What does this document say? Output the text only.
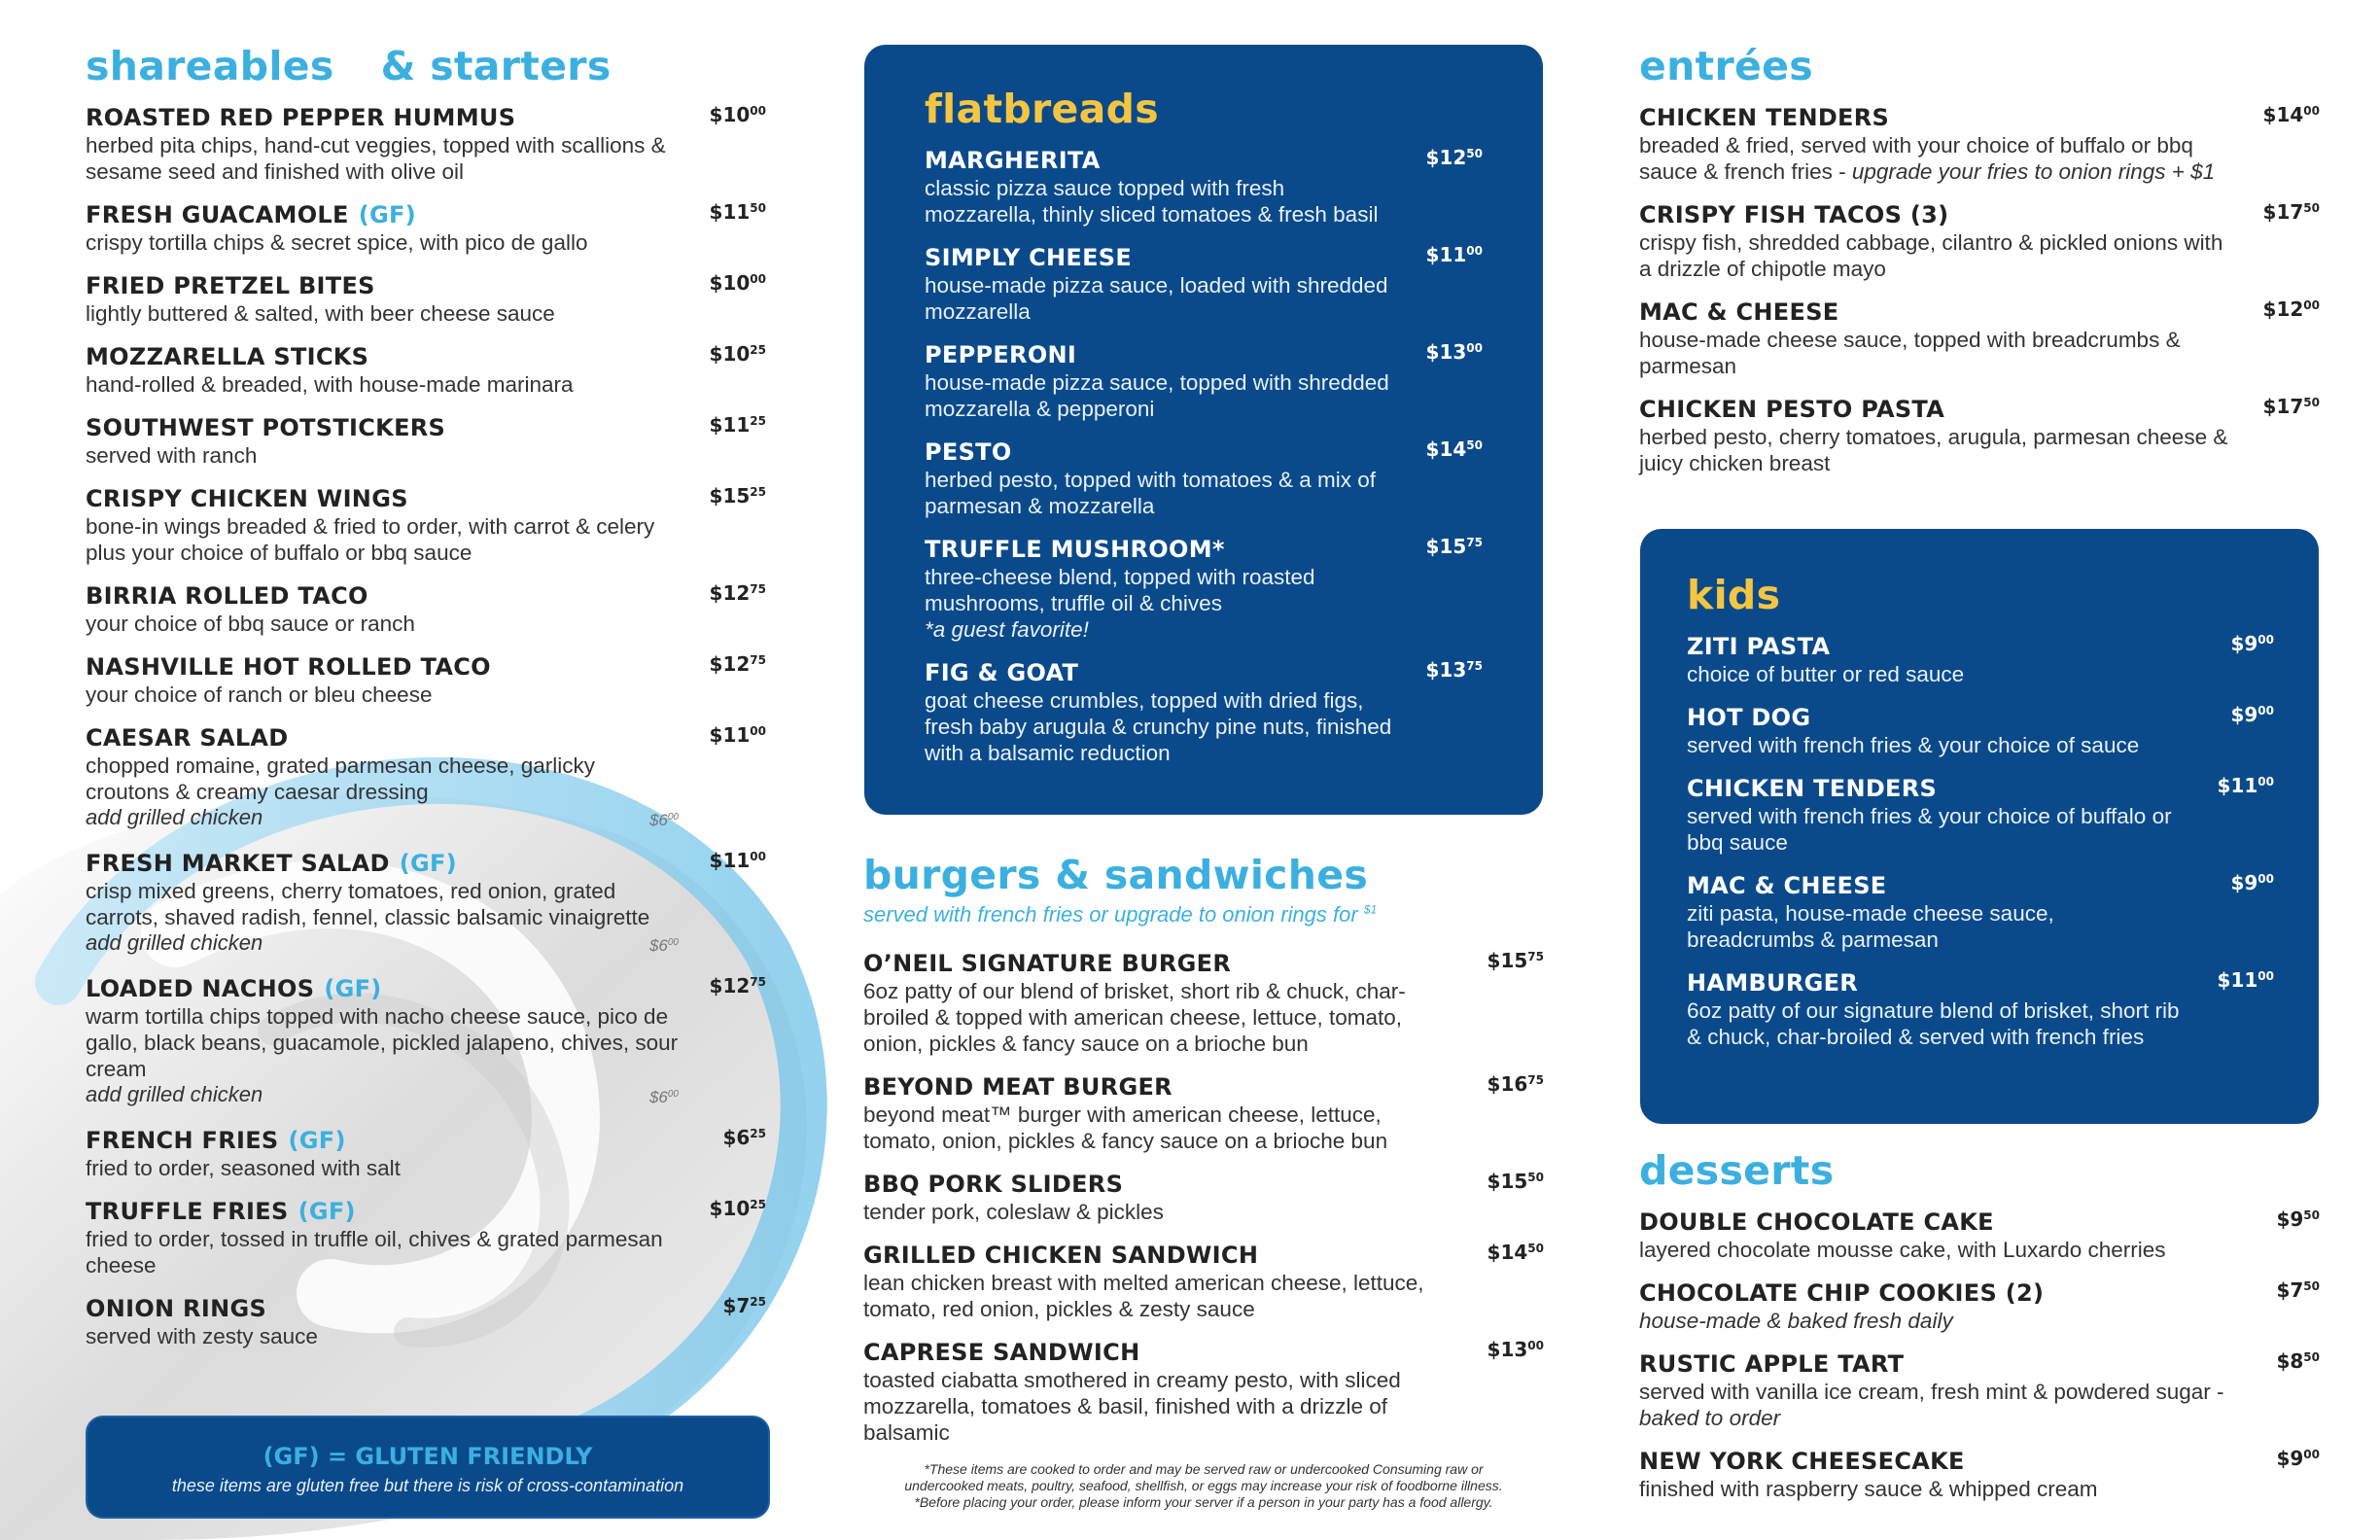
shareables & starters
ROASTED RED PEPPER HUMMUS	$\$10^{00}$
herbed pita chips, hand-cut veggies, topped with scallions & sesame seed and finished with olive oil
FRESH GUACAMOLE (GF)	$\$11^{50}$
crispy tortilla chips & secret spice, with pico de gallo
FRIED PRETZEL BITES	$\$10^{00}$
lightly buttered & salted, with beer cheese sauce
MOZZARELLA STICKS	$\$10^{25}$
hand-rolled & breaded, with house-made marinara
SOUTHWEST POTSTICKERS	$\$11^{25}$
served with ranch
CRISPY CHICKEN WINGS	$\$15^{25}$
bone-in wings breaded & fried to order, with carrot & celery plus your choice of buffalo or bbq sauce
BIRRIA ROLLED TACO	$\$12^{75}$
your choice of bbq sauce or ranch
NASHVILLE HOT ROLLED TACO	$\$12^{75}$
your choice of ranch or bleu cheese
CAESAR SALAD	$\$11^{00}$
chopped romaine, grated parmesan cheese, garlicky croutons & creamy caesar dressing
add grilled chicken	$\$6^{00}$
FRESH MARKET SALAD (GF)	$\$11^{00}$
crisp mixed greens, cherry tomatoes, red onion, grated carrots, shaved radish, fennel, classic balsamic vinaigrette
add grilled chicken	$\$6^{00}$
LOADED NACHOS (GF)	$\$12^{75}$
warm tortilla chips topped with nacho cheese sauce, pico de gallo, black beans, guacamole, pickled jalapeno, chives, sour cream
add grilled chicken	$\$6^{00}$
FRENCH FRIES (GF)	$\$6^{25}$
fried to order, seasoned with salt
TRUFFLE FRIES (GF)	$\$10^{25}$
fried to order, tossed in truffle oil, chives & grated parmesan cheese
ONION RINGS	$\$7^{25}$
served with zesty sauce
(GF) = GLUTEN FRIENDLY
these items are gluten free but there is risk of cross-contamination
flatbreads
MARGHERITA	$\$12^{50}$
classic pizza sauce topped with fresh mozzarella, thinly sliced tomatoes & fresh basil
SIMPLY CHEESE	$\$11^{00}$
house-made pizza sauce, loaded with shredded mozzarella
PEPPERONI	$\$13^{00}$
house-made pizza sauce, topped with shredded mozzarella & pepperoni
PESTO	$\$14^{50}$
herbed pesto, topped with tomatoes & a mix of parmesan & mozzarella
TRUFFLE MUSHROOM*	$\$15^{75}$
three-cheese blend, topped with roasted mushrooms, truffle oil & chives
*a guest favorite!
FIG & GOAT	$\$13^{75}$
goat cheese crumbles, topped with dried figs, fresh baby arugula & crunchy pine nuts, finished with a balsamic reduction
burgers & sandwiches
served with french fries or upgrade to onion rings for $^{\$1}$
O’NEIL SIGNATURE BURGER	$\$15^{75}$
6oz patty of our blend of brisket, short rib & chuck, char-broiled & topped with american cheese, lettuce, tomato, onion, pickles & fancy sauce on a brioche bun
BEYOND MEAT BURGER	$\$16^{75}$
beyond meat™ burger with american cheese, lettuce, tomato, onion, pickles & fancy sauce on a brioche bun
BBQ PORK SLIDERS	$\$15^{50}$
tender pork, coleslaw & pickles
GRILLED CHICKEN SANDWICH	$\$14^{50}$
lean chicken breast with melted american cheese, lettuce, tomato, red onion, pickles & zesty sauce
CAPRESE SANDWICH	$\$13^{00}$
toasted ciabatta smothered in creamy pesto, with sliced mozzarella, tomatoes & basil, finished with a drizzle of balsamic
*These items are cooked to order and may be served raw or undercooked Consuming raw or
undercooked meats, poultry, seafood, shellfish, or eggs may increase your risk of foodborne illness.
*Before placing your order, please inform your server if a person in your party has a food allergy.
entrées
CHICKEN TENDERS	$\$14^{00}$
breaded & fried, served with your choice of buffalo or bbq sauce & french fries - upgrade your fries to onion rings + $1
CRISPY FISH TACOS (3)	$\$17^{50}$
crispy fish, shredded cabbage, cilantro & pickled onions with a drizzle of chipotle mayo
MAC & CHEESE	$\$12^{00}$
house-made cheese sauce, topped with breadcrumbs & parmesan
CHICKEN PESTO PASTA	$\$17^{50}$
herbed pesto, cherry tomatoes, arugula, parmesan cheese & juicy chicken breast
kids
ZITI PASTA	$\$9^{00}$
choice of butter or red sauce
HOT DOG	$\$9^{00}$
served with french fries & your choice of sauce
CHICKEN TENDERS	$\$11^{00}$
served with french fries & your choice of buffalo or bbq sauce
MAC & CHEESE	$\$9^{00}$
ziti pasta, house-made cheese sauce, breadcrumbs & parmesan
HAMBURGER	$\$11^{00}$
6oz patty of our signature blend of brisket, short rib & chuck, char-broiled & served with french fries
desserts
DOUBLE CHOCOLATE CAKE	$\$9^{50}$
layered chocolate mousse cake, with Luxardo cherries
CHOCOLATE CHIP COOKIES (2)	$\$7^{50}$
house-made & baked fresh daily
RUSTIC APPLE TART	$\$8^{50}$
served with vanilla ice cream, fresh mint & powdered sugar - baked to order
NEW YORK CHEESECAKE	$\$9^{00}$
finished with raspberry sauce & whipped cream
